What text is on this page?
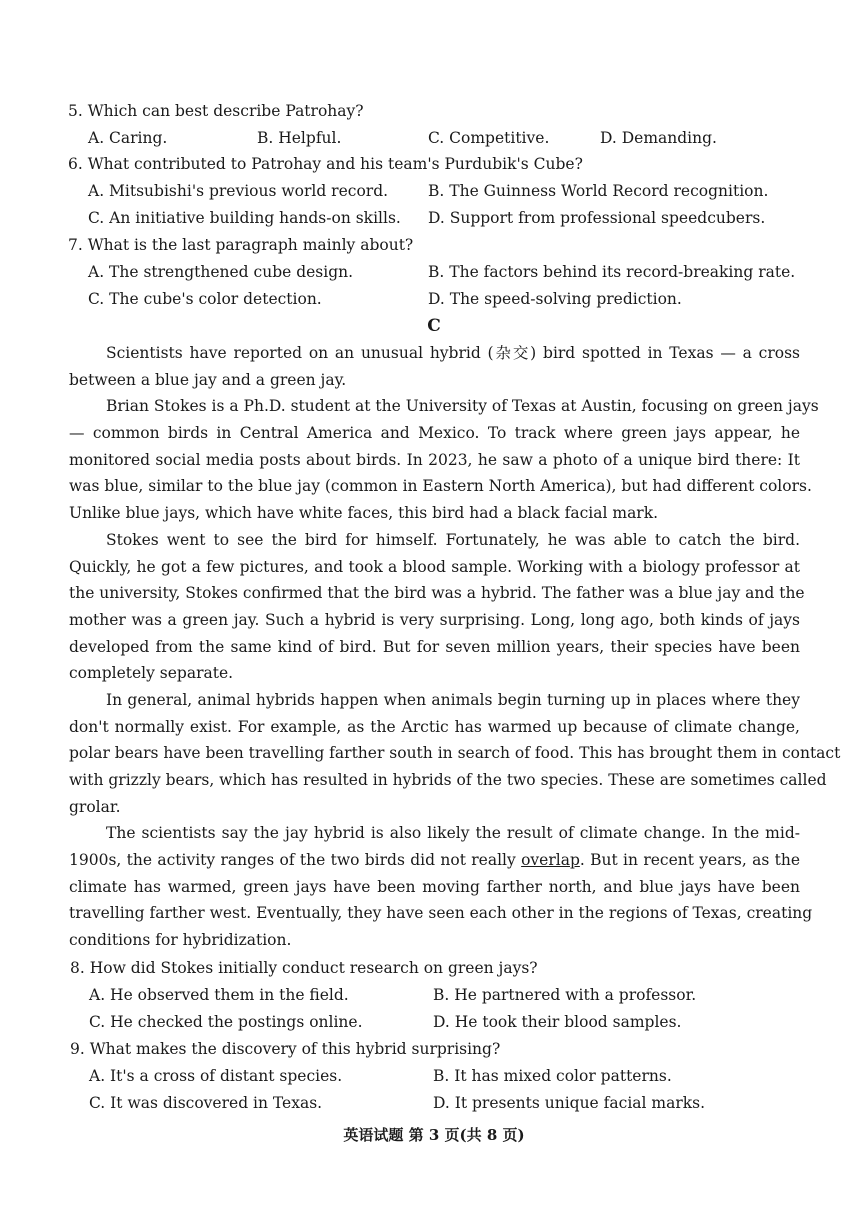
5. Which can best describe Patrohay?
A. Caring.	B. Helpful.	C. Competitive.	D. Demanding.
6. What contributed to Patrohay and his team's Purdubik's Cube?
A. Mitsubishi's previous world record.	B. The Guinness World Record recognition.
C. An initiative building hands-on skills. D. Support from professional speedcubers.
7. What is the last paragraph mainly about?
A. The strengthened cube design.	B. The factors behind its record-breaking rate.
C. The cube's color detection.	D. The speed-solving prediction.
C
Scientists have reported on an unusual hybrid (杂交) bird spotted in Texas — a cross
between a blue jay and a green jay.
Brian Stokes is a Ph.D. student at the University of Texas at Austin, focusing on green jays
— common birds in Central America and Mexico. To track where green jays appear, he
monitored social media posts about birds. In 2023, he saw a photo of a unique bird there: It
was blue, similar to the blue jay (common in Eastern North America), but had different colors.
Unlike blue jays, which have white faces, this bird had a black facial mark.
Stokes went to see the bird for himself. Fortunately, he was able to catch the bird.
Quickly, he got a few pictures, and took a blood sample. Working with a biology professor at
the university, Stokes confirmed that the bird was a hybrid. The father was a blue jay and the
mother was a green jay. Such a hybrid is very surprising. Long, long ago, both kinds of jays
developed from the same kind of bird. But for seven million years, their species have been
completely separate.
In general, animal hybrids happen when animals begin turning up in places where they
don't normally exist. For example, as the Arctic has warmed up because of climate change,
polar bears have been travelling farther south in search of food. This has brought them in contact
with grizzly bears, which has resulted in hybrids of the two species. These are sometimes called
grolar.
The scientists say the jay hybrid is also likely the result of climate change. In the mid-
1900s, the activity ranges of the two birds did not really overlap. But in recent years, as the
climate has warmed, green jays have been moving farther north, and blue jays have been
travelling farther west. Eventually, they have seen each other in the regions of Texas, creating
conditions for hybridization.
8. How did Stokes initially conduct research on green jays?
A. He observed them in the field.	B. He partnered with a professor.
C. He checked the postings online.	D. He took their blood samples.
9. What makes the discovery of this hybrid surprising?
A. It's a cross of distant species.	B. It has mixed color patterns.
C. It was discovered in Texas.	D. It presents unique facial marks.
英语试题 第 3 页(共 8 页)
